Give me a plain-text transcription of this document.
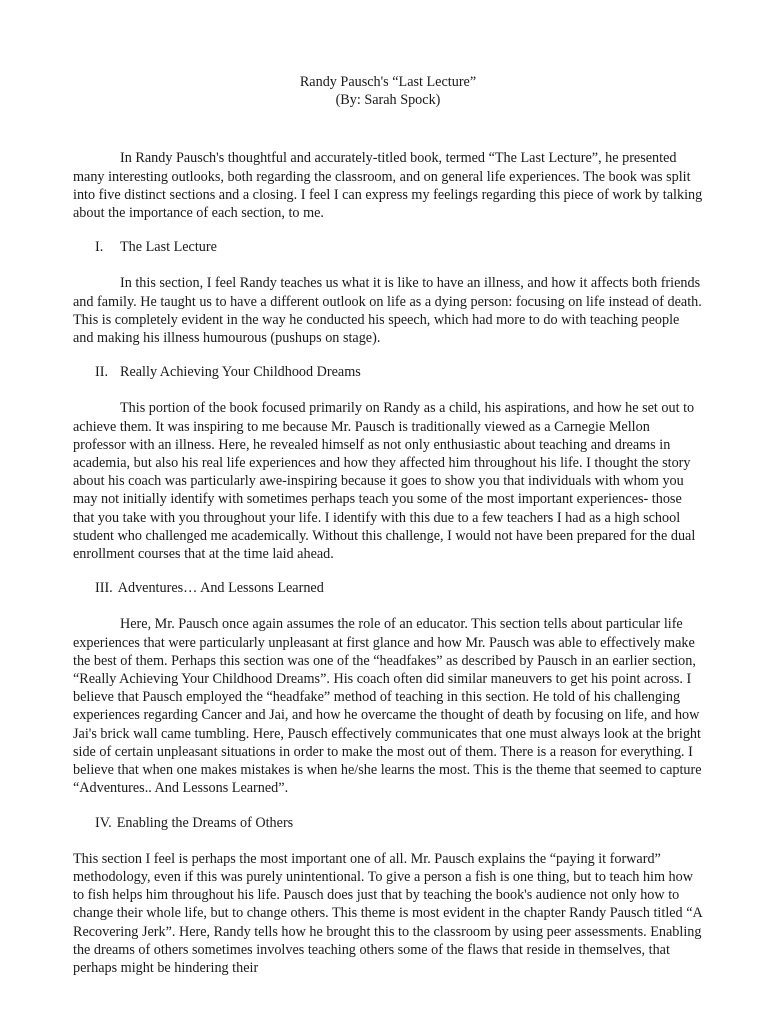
Randy Pausch's “Last Lecture”

(By: Sarah Spock)

In Randy Pausch's thoughtful and accurately-titled book, termed “The Last Lecture”, he presented many interesting outlooks, both regarding the classroom, and on general life experiences. The book was split into five distinct sections and a closing. I feel I can express my feelings regarding this piece of work by talking about the importance of each section, to me.

I.	The Last Lecture

In this section, I feel Randy teaches us what it is like to have an illness, and how it affects both friends and family. He taught us to have a different outlook on life as a dying person: focusing on life instead of death. This is completely evident in the way he conducted his speech, which had more to do with teaching people and making his illness humourous (pushups on stage).

II. Really Achieving Your Childhood Dreams

This portion of the book focused primarily on Randy as a child, his aspirations, and how he set out to achieve them. It was inspiring to me because Mr. Pausch is traditionally viewed as a Carnegie Mellon professor with an illness. Here, he revealed himself as not only enthusiastic about teaching and dreams in academia, but also his real life experiences and how they affected him throughout his life. I thought the story about his coach was particularly awe-inspiring because it goes to show you that individuals with whom you may not initially identify with sometimes perhaps teach you some of the most important experiences- those that you take with you throughout your life. I identify with this due to a few teachers I had as a high school student who challenged me academically. Without this challenge, I would not have been prepared for the dual enrollment courses that at the time laid ahead.

III. Adventures… And Lessons Learned

Here, Mr. Pausch once again assumes the role of an educator. This section tells about particular life experiences that were particularly unpleasant at first glance and how Mr. Pausch was able to effectively make the best of them. Perhaps this section was one of the “headfakes” as described by Pausch in an earlier section, “Really Achieving Your Childhood Dreams”. His coach often did similar maneuvers to get his point across. I believe that Pausch employed the “headfake” method of teaching in this section. He told of his challenging experiences regarding Cancer and Jai, and how he overcame the thought of death by focusing on life, and how Jai's brick wall came tumbling. Here, Pausch effectively communicates that one must always look at the bright side of certain unpleasant situations in order to make the most out of them. There is a reason for everything. I believe that when one makes mistakes is when he/she learns the most. This is the theme that seemed to capture “Adventures.. And Lessons Learned”.

IV. Enabling the Dreams of Others

This section I feel is perhaps the most important one of all. Mr. Pausch explains the “paying it forward” methodology, even if this was purely unintentional. To give a person a fish is one thing, but to teach him how to fish helps him throughout his life. Pausch does just that by teaching the book's audience not only how to change their whole life, but to change others. This theme is most evident in the chapter Randy Pausch titled “A Recovering Jerk”. Here, Randy tells how he brought this to the classroom by using peer assessments. Enabling the dreams of others sometimes involves teaching others some of the flaws that reside in themselves, that perhaps might be hindering their
